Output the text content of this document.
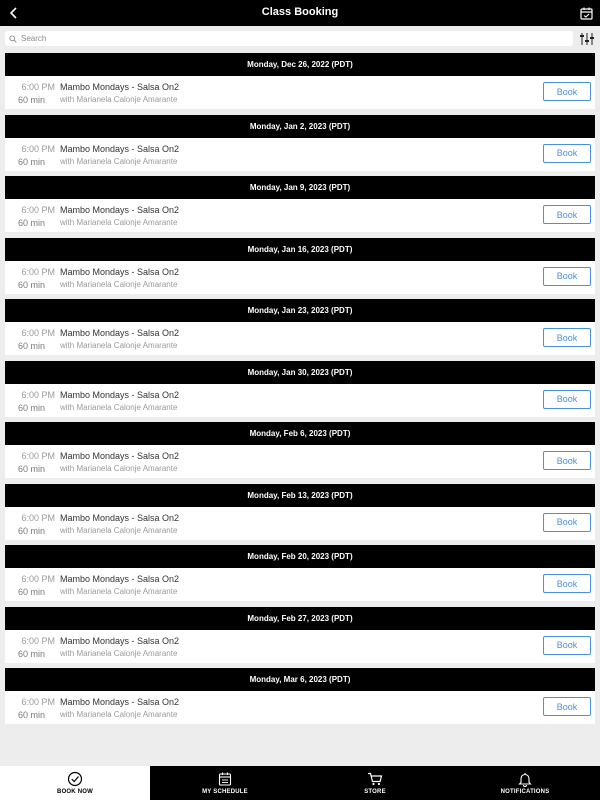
Class Booking
Search
Monday, Dec 26, 2022 (PDT)
6:00 PM
60 min
Mambo Mondays - Salsa On2
with Marianela Calonje Amarante
Book
Monday, Jan 2, 2023 (PDT)
6:00 PM
60 min
Mambo Mondays - Salsa On2
with Marianela Calonje Amarante
Book
Monday, Jan 9, 2023 (PDT)
6:00 PM
60 min
Mambo Mondays - Salsa On2
with Marianela Calonje Amarante
Book
Monday, Jan 16, 2023 (PDT)
6:00 PM
60 min
Mambo Mondays - Salsa On2
with Marianela Calonje Amarante
Book
Monday, Jan 23, 2023 (PDT)
6:00 PM
60 min
Mambo Mondays - Salsa On2
with Marianela Calonje Amarante
Book
Monday, Jan 30, 2023 (PDT)
6:00 PM
60 min
Mambo Mondays - Salsa On2
with Marianela Calonje Amarante
Book
Monday, Feb 6, 2023 (PDT)
6:00 PM
60 min
Mambo Mondays - Salsa On2
with Marianela Calonje Amarante
Book
Monday, Feb 13, 2023 (PDT)
6:00 PM
60 min
Mambo Mondays - Salsa On2
with Marianela Calonje Amarante
Book
Monday, Feb 20, 2023 (PDT)
6:00 PM
60 min
Mambo Mondays - Salsa On2
with Marianela Calonje Amarante
Book
Monday, Feb 27, 2023 (PDT)
6:00 PM
60 min
Mambo Mondays - Salsa On2
with Marianela Calonje Amarante
Book
Monday, Mar 6, 2023 (PDT)
6:00 PM
60 min
Mambo Mondays - Salsa On2
with Marianela Calonje Amarante
Book
BOOK NOW	MY SCHEDULE	STORE	NOTIFICATIONS
